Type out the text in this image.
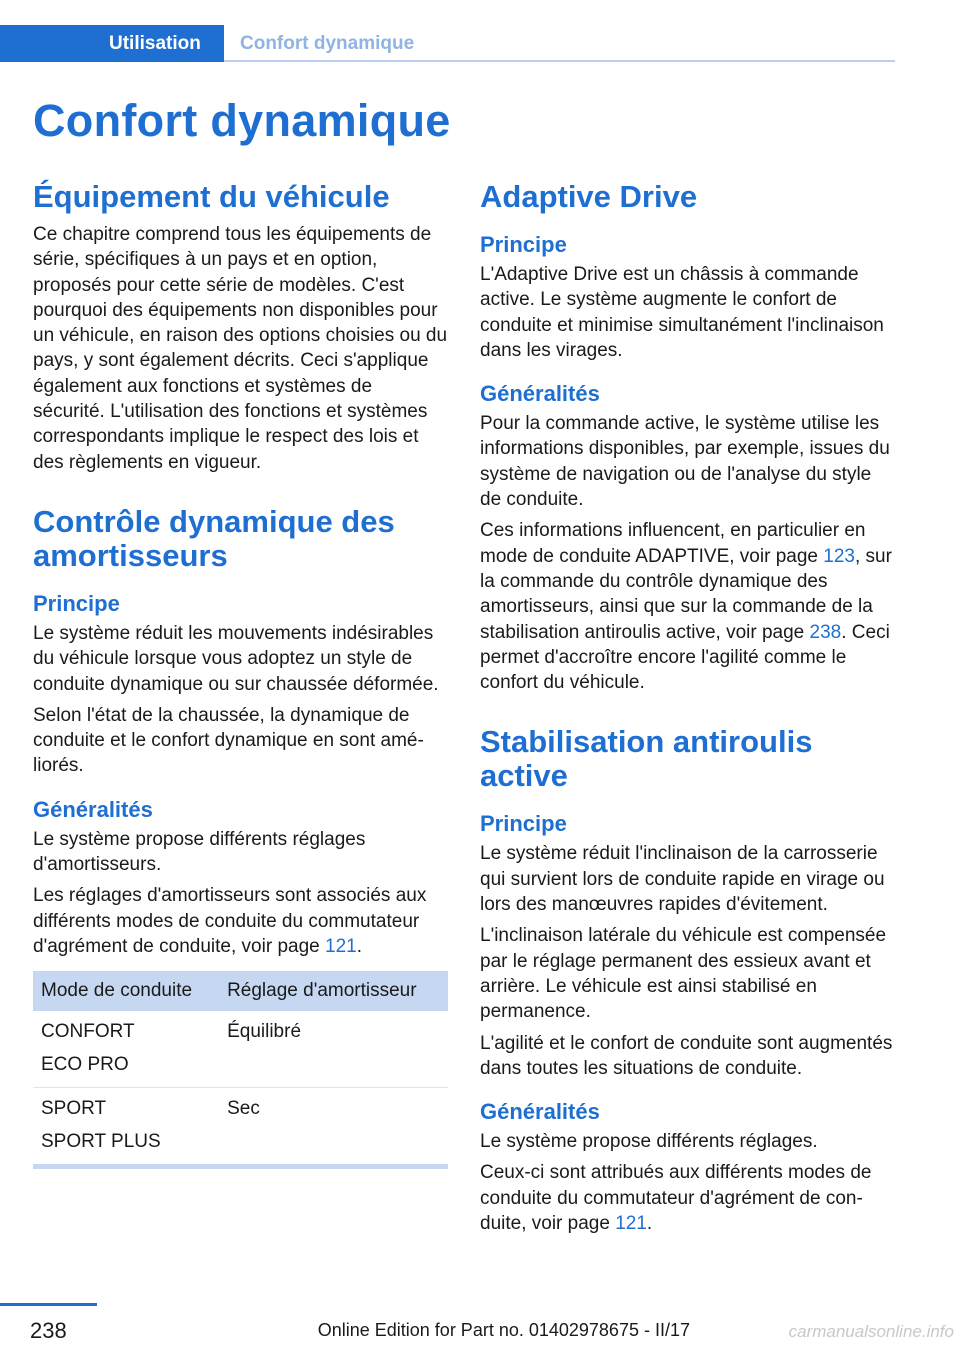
Utilisation	Confort dynamique
Confort dynamique
Équipement du véhicule

Ce chapitre comprend tous les équipements de série, spécifiques à un pays et en option, proposés pour cette série de modèles. C'est pourquoi des équipements non disponibles pour un véhicule, en raison des options choisies ou du pays, y sont également décrits. Ceci s'applique également aux fonctions et systèmes de sécurité. L'utilisation des fonctions et systèmes correspondants implique le respect des lois et des règlements en vigueur.

Contrôle dynamique des amortisseurs
Principe

Le système réduit les mouvements indésirables du véhicule lorsque vous adoptez un style de conduite dynamique ou sur chaussée déformée.

Selon l'état de la chaussée, la dynamique de conduite et le confort dynamique en sont améliorés.

Généralités

Le système propose différents réglages d'amortisseurs.

Les réglages d'amortisseurs sont associés aux différents modes de conduite du commutateur d'agrément de conduite, voir page 121.

Mode de conduite	Réglage d'amortisseur

CONFORT
ECO PRO	Équilibré

SPORT
SPORT PLUS	Sec
Adaptive Drive
Principe

L'Adaptive Drive est un châssis à commande active. Le système augmente le confort de conduite et minimise simultanément l'inclinaison dans les virages.

Généralités

Pour la commande active, le système utilise les informations disponibles, par exemple, issues du système de navigation ou de l'analyse du style de conduite.

Ces informations influencent, en particulier en mode de conduite ADAPTIVE, voir page 123, sur la commande du contrôle dynamique des amortisseurs, ainsi que sur la commande de la stabilisation antiroulis active, voir page 238. Ceci permet d'accroître encore l'agilité comme le confort du véhicule.

Stabilisation antiroulis active
Principe

Le système réduit l'inclinaison de la carrosserie qui survient lors de conduite rapide en virage ou lors des manœuvres rapides d'évitement.

L'inclinaison latérale du véhicule est compensée par le réglage permanent des essieux avant et arrière. Le véhicule est ainsi stabilisé en permanence.

L'agilité et le confort de conduite sont augmentés dans toutes les situations de conduite.

Généralités

Le système propose différents réglages.

Ceux-ci sont attribués aux différents modes de conduite du commutateur d'agrément de conduite, voir page 121.

238	Online Edition for Part no. 01402978675 - II/17	carmanualsonline.info
